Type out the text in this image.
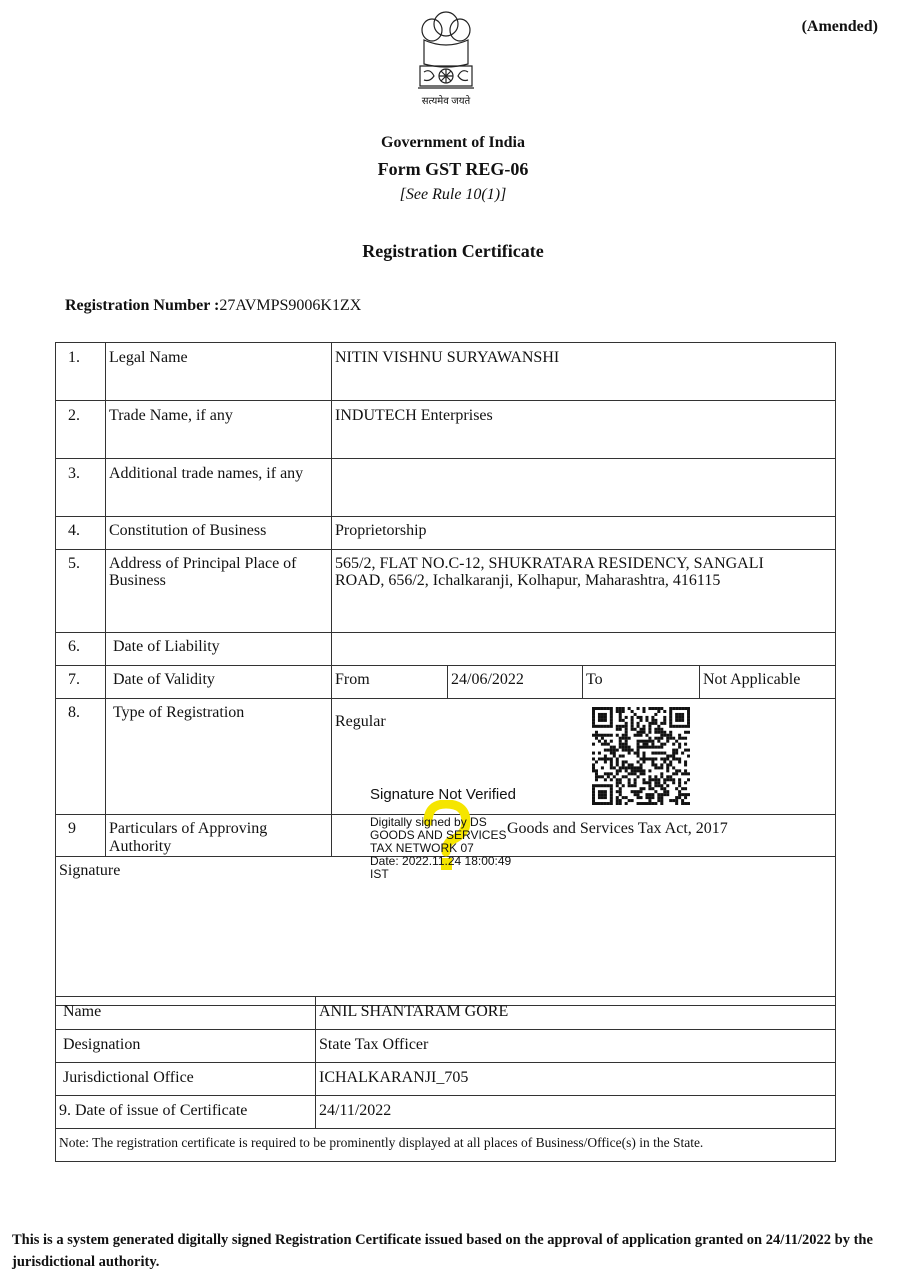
(Amended)
सत्यमेव जयते
Government of India
Form GST REG-06
[See Rule 10(1)]
Registration Certificate
Registration Number :27AVMPS9006K1ZX
1.	Legal Name	NITIN VISHNU SURYAWANSHI			
2.	Trade Name, if any	INDUTECH Enterprises			
3.	Additional trade names, if any				
4.	Constitution of Business	Proprietorship			
5.	Address of Principal Place of Business	565/2, FLAT NO.C-12, SHUKRATARA RESIDENCY, SANGALI ROAD, 656/2, Ichalkaranji, Kolhapur, Maharashtra, 416115			
6.	Date of Liability				
7.	Date of Validity	From	24/06/2022	To	Not Applicable
8.	Type of Registration	Regular			
9	Particulars of Approving Authority	Goods and Services Tax Act, 2017			
Signature					
Signature Not Verified
Digitally signed by DS
GOODS AND SERVICES
TAX NETWORK 07
Date: 2022.11.24 18:00:49
IST
Name	ANIL SHANTARAM GORE
Designation	State Tax Officer
Jurisdictional Office	ICHALKARANJI_705
9. Date of issue of Certificate	24/11/2022
Note: The registration certificate is required to be prominently displayed at all places of Business/Office(s) in the State.	
This is a system generated digitally signed Registration Certificate issued based on the approval of application granted on 24/11/2022 by the jurisdictional authority.
